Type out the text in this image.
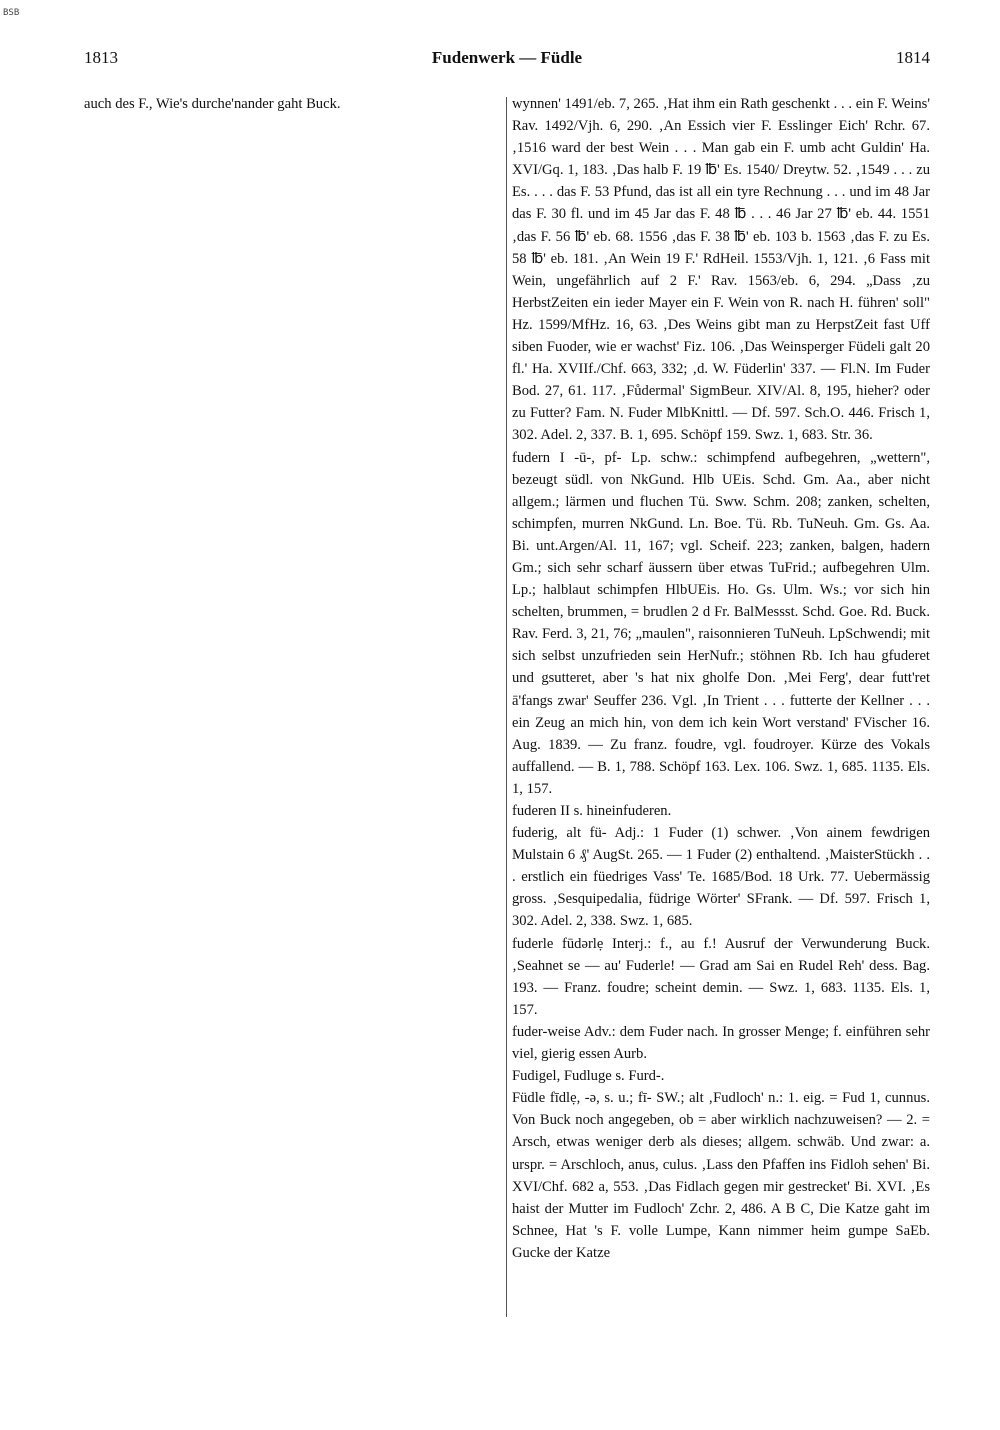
BSB
1813	Fudenwerk — Füdle	1814

auch des F., Wie's durche'nander gaht Buck.	wynnen' 1491/eb. 7, 265. ‚Hat ihm ein Rath geschenkt . . . ein F. Weins' Rav. 1492/Vjh. 6, 290. ‚An Essich vier F. Esslinger Eich' Rchr. 67. ‚1516 ward der best Wein . . . Man gab ein F. umb acht Guldin' Ha. XVI/Gq. 1, 183. ‚Das halb F. 19 ℔' Es. 1540/ Dreytw. 52. ‚1549 . . . zu Es. . . . das F. 53 Pfund, das ist all ein tyre Rechnung . . . und im 48 Jar das F. 30 fl. und im 45 Jar das F. 48 ℔ . . . 46 Jar 27 ℔' eb. 44. 1551 ‚das F. 56 ℔' eb. 68. 1556 ‚das F. 38 ℔' eb. 103 b. 1563 ‚das F. zu Es. 58 ℔' eb. 181. ‚An Wein 19 F.' RdHeil. 1553/Vjh. 1, 121. ‚6 Fass mit Wein, ungefährlich auf 2 F.' Rav. 1563/eb. 6, 294. „Dass ‚zu HerbstZeiten ein ieder Mayer ein F. Wein von R. nach H. führen' soll" Hz. 1599/MfHz. 16, 63. ‚Des Weins gibt man zu HerpstZeit fast Uff siben Fuoder, wie er wachst' Fiz. 106. ‚Das Weinsperger Füdeli galt 20 fl.' Ha. XVIIf./Chf. 663, 332; ‚d. W. Füderlin' 337. — Fl.N. Im Fuder Bod. 27, 61. 117. ‚Fůdermal' SigmBeur. XIV/Al. 8, 195, hieher? oder zu Futter? Fam. N. Fuder MlbKnittl. — Df. 597. Sch.O. 446. Frisch 1, 302. Adel. 2, 337. B. 1, 695. Schöpf 159. Swz. 1, 683. Str. 36.

fudern I -ū-, pf- Lp. schw.: schimpfend aufbegehren, „wettern", bezeugt südl. von NkGund. Hlb UEis. Schd. Gm. Aa., aber nicht allgem.; lärmen und fluchen Tü. Sww. Schm. 208; zanken, schelten, schimpfen, murren NkGund. Ln. Boe. Tü. Rb. TuNeuh. Gm. Gs. Aa. Bi. unt.Argen/Al. 11, 167; vgl. Scheif. 223; zanken, balgen, hadern Gm.; sich sehr scharf äussern über etwas TuFrid.; aufbegehren Ulm. Lp.; halblaut schimpfen HlbUEis. Ho. Gs. Ulm. Ws.; vor sich hin schelten, brummen, = brudlen 2 d Fr. BalMessst. Schd. Goe. Rd. Buck. Rav. Ferd. 3, 21, 76; „maulen", raisonnieren TuNeuh. LpSchwendi; mit sich selbst unzufrieden sein HerNufr.; stöhnen Rb. Ich hau gfuderet und gsutteret, aber 's hat nix gholfe Don. ‚Mei Ferg', dear futt'ret ā'fangs zwar' Seuffer 236. Vgl. ‚In Trient . . . futterte der Kellner . . . ein Zeug an mich hin, von dem ich kein Wort verstand' FVischer 16. Aug. 1839. — Zu franz. foudre, vgl. foudroyer. Kürze des Vokals auffallend. — B. 1, 788. Schöpf 163. Lex. 106. Swz. 1, 685. 1135. Els. 1, 157.

fuderen II s. hineinfuderen.

fuderig, alt fü- Adj.: 1 Fuder (1) schwer. ‚Von ainem fewdrigen Mulstain 6 ₰' AugSt. 265. — 1 Fuder (2) enthaltend. ‚MaisterStückh . . . erstlich ein füedriges Vass' Te. 1685/Bod. 18 Urk. 77. Uebermässig gross. ‚Sesquipedalia, füdrige Wörter' SFrank. — Df. 597. Frisch 1, 302. Adel. 2, 338. Swz. 1, 685.

fuderle fūdərlẹ Interj.: f., au f.! Ausruf der Verwunderung Buck. ‚Seahnet se — au' Fuderle! — Grad am Sai en Rudel Reh' dess. Bag. 193. — Franz. foudre; scheint demin. — Swz. 1, 683. 1135. Els. 1, 157.

fuder-weise Adv.: dem Fuder nach. In grosser Menge; f. einführen sehr viel, gierig essen Aurb.

Fudigel, Fudluge s. Furd-.

Füdle fīdlẹ, -ə, s. u.; fī- SW.; alt ‚Fudloch' n.: 1. eig. = Fud 1, cunnus. Von Buck noch angegeben, ob = aber wirklich nachzuweisen? — 2. = Arsch, etwas weniger derb als dieses; allgem. schwäb. Und zwar: a. urspr. = Arschloch, anus, culus. ‚Lass den Pfaffen ins Fidloh sehen' Bi. XVI/Chf. 682 a, 553. ‚Das Fidlach gegen mir gestrecket' Bi. XVI. ‚Es haist der Mutter im Fudloch' Zchr. 2, 486. A B C, Die Katze gaht im Schnee, Hat 's F. volle Lumpe, Kann nimmer heim gumpe SaEb. Gucke der Katze
